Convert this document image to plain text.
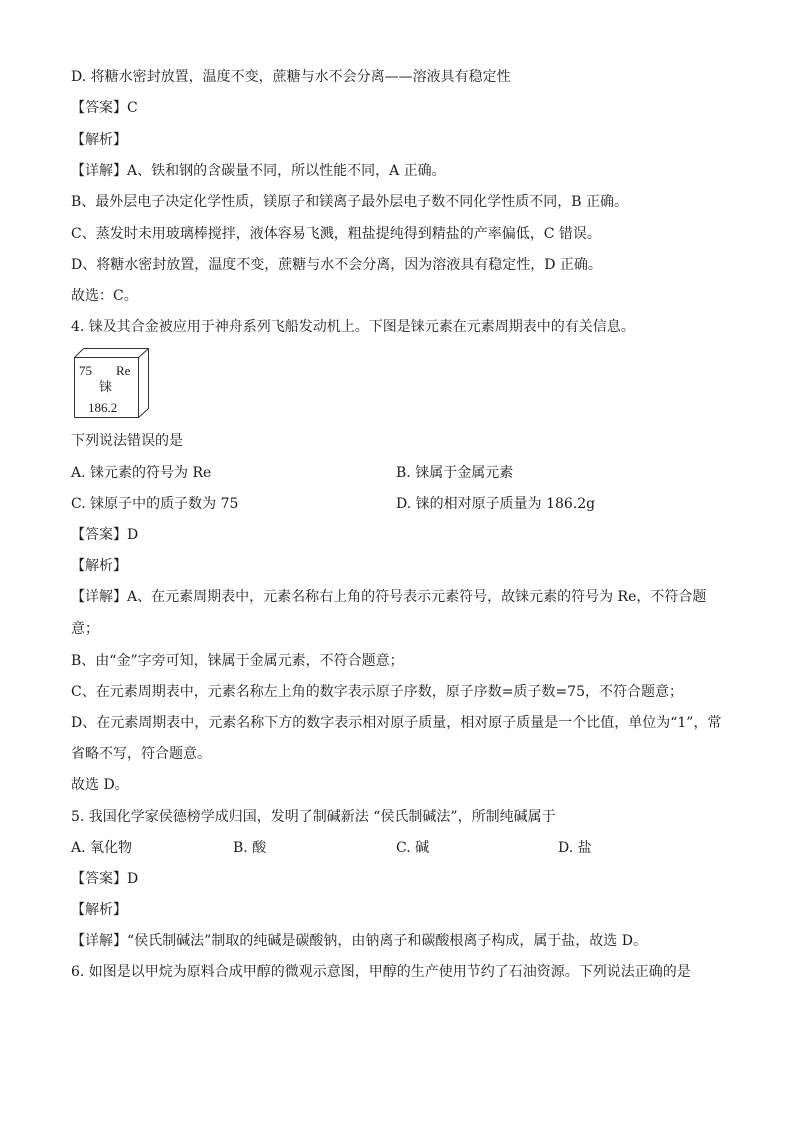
D. 将糖水密封放置，温度不变，蔗糖与水不会分离——溶液具有稳定性
【答案】C
【解析】
【详解】A、铁和钢的含碳量不同，所以性能不同，A 正确。
B、最外层电子决定化学性质，镁原子和镁离子最外层电子数不同化学性质不同，B 正确。
C、蒸发时未用玻璃棒搅拌，液体容易飞溅，粗盐提纯得到精盐的产率偏低，C 错误。
D、将糖水密封放置，温度不变，蔗糖与水不会分离，因为溶液具有稳定性，D 正确。
故选：C。
4. 铼及其合金被应用于神舟系列飞船发动机上。下图是铼元素在元素周期表中的有关信息。
75 Re
铼
186.2
下列说法错误的是
A. 铼元素的符号为 Re	B. 铼属于金属元素
C. 铼原子中的质子数为 75	D. 铼的相对原子质量为 186.2g
【答案】D
【解析】
【详解】A、在元素周期表中，元素名称右上角的符号表示元素符号，故铼元素的符号为 Re，不符合题
意；
B、由“金”字旁可知，铼属于金属元素，不符合题意；
C、在元素周期表中，元素名称左上角的数字表示原子序数，原子序数=质子数=75，不符合题意；
D、在元素周期表中，元素名称下方的数字表示相对原子质量，相对原子质量是一个比值，单位为“1”，常
省略不写，符合题意。
故选 D。
5. 我国化学家侯德榜学成归国，发明了制碱新法 “侯氏制碱法”，所制纯碱属于
A. 氧化物	B. 酸	C. 碱	D. 盐
【答案】D
【解析】
【详解】“侯氏制碱法”制取的纯碱是碳酸钠，由钠离子和碳酸根离子构成，属于盐，故选 D。
6. 如图是以甲烷为原料合成甲醇的微观示意图，甲醇的生产使用节约了石油资源。下列说法正确的是
